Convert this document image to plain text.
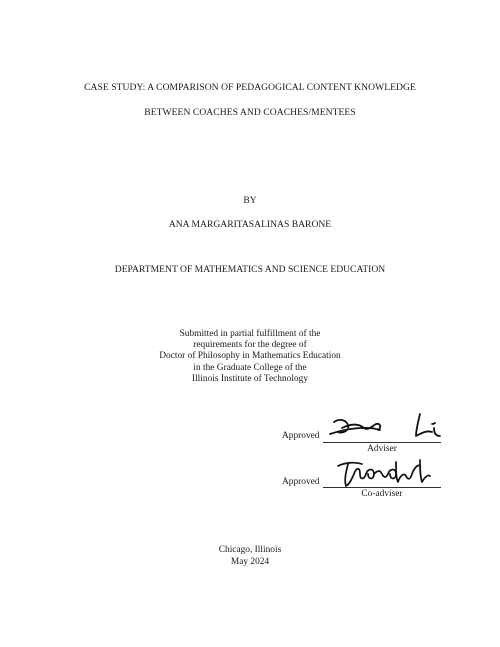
CASE STUDY: A COMPARISON OF PEDAGOGICAL CONTENT KNOWLEDGE
BETWEEN COACHES AND COACHES/MENTEES
BY
ANA MARGARITASALINAS BARONE
DEPARTMENT OF MATHEMATICS AND SCIENCE EDUCATION
Submitted in partial fulfillment of the
requirements for the degree of
Doctor of Philosophy in Mathematics Education
in the Graduate College of the
Illinois Institute of Technology
Approved
Adviser
Approved
Co-adviser
Chicago, Illinois
May 2024
